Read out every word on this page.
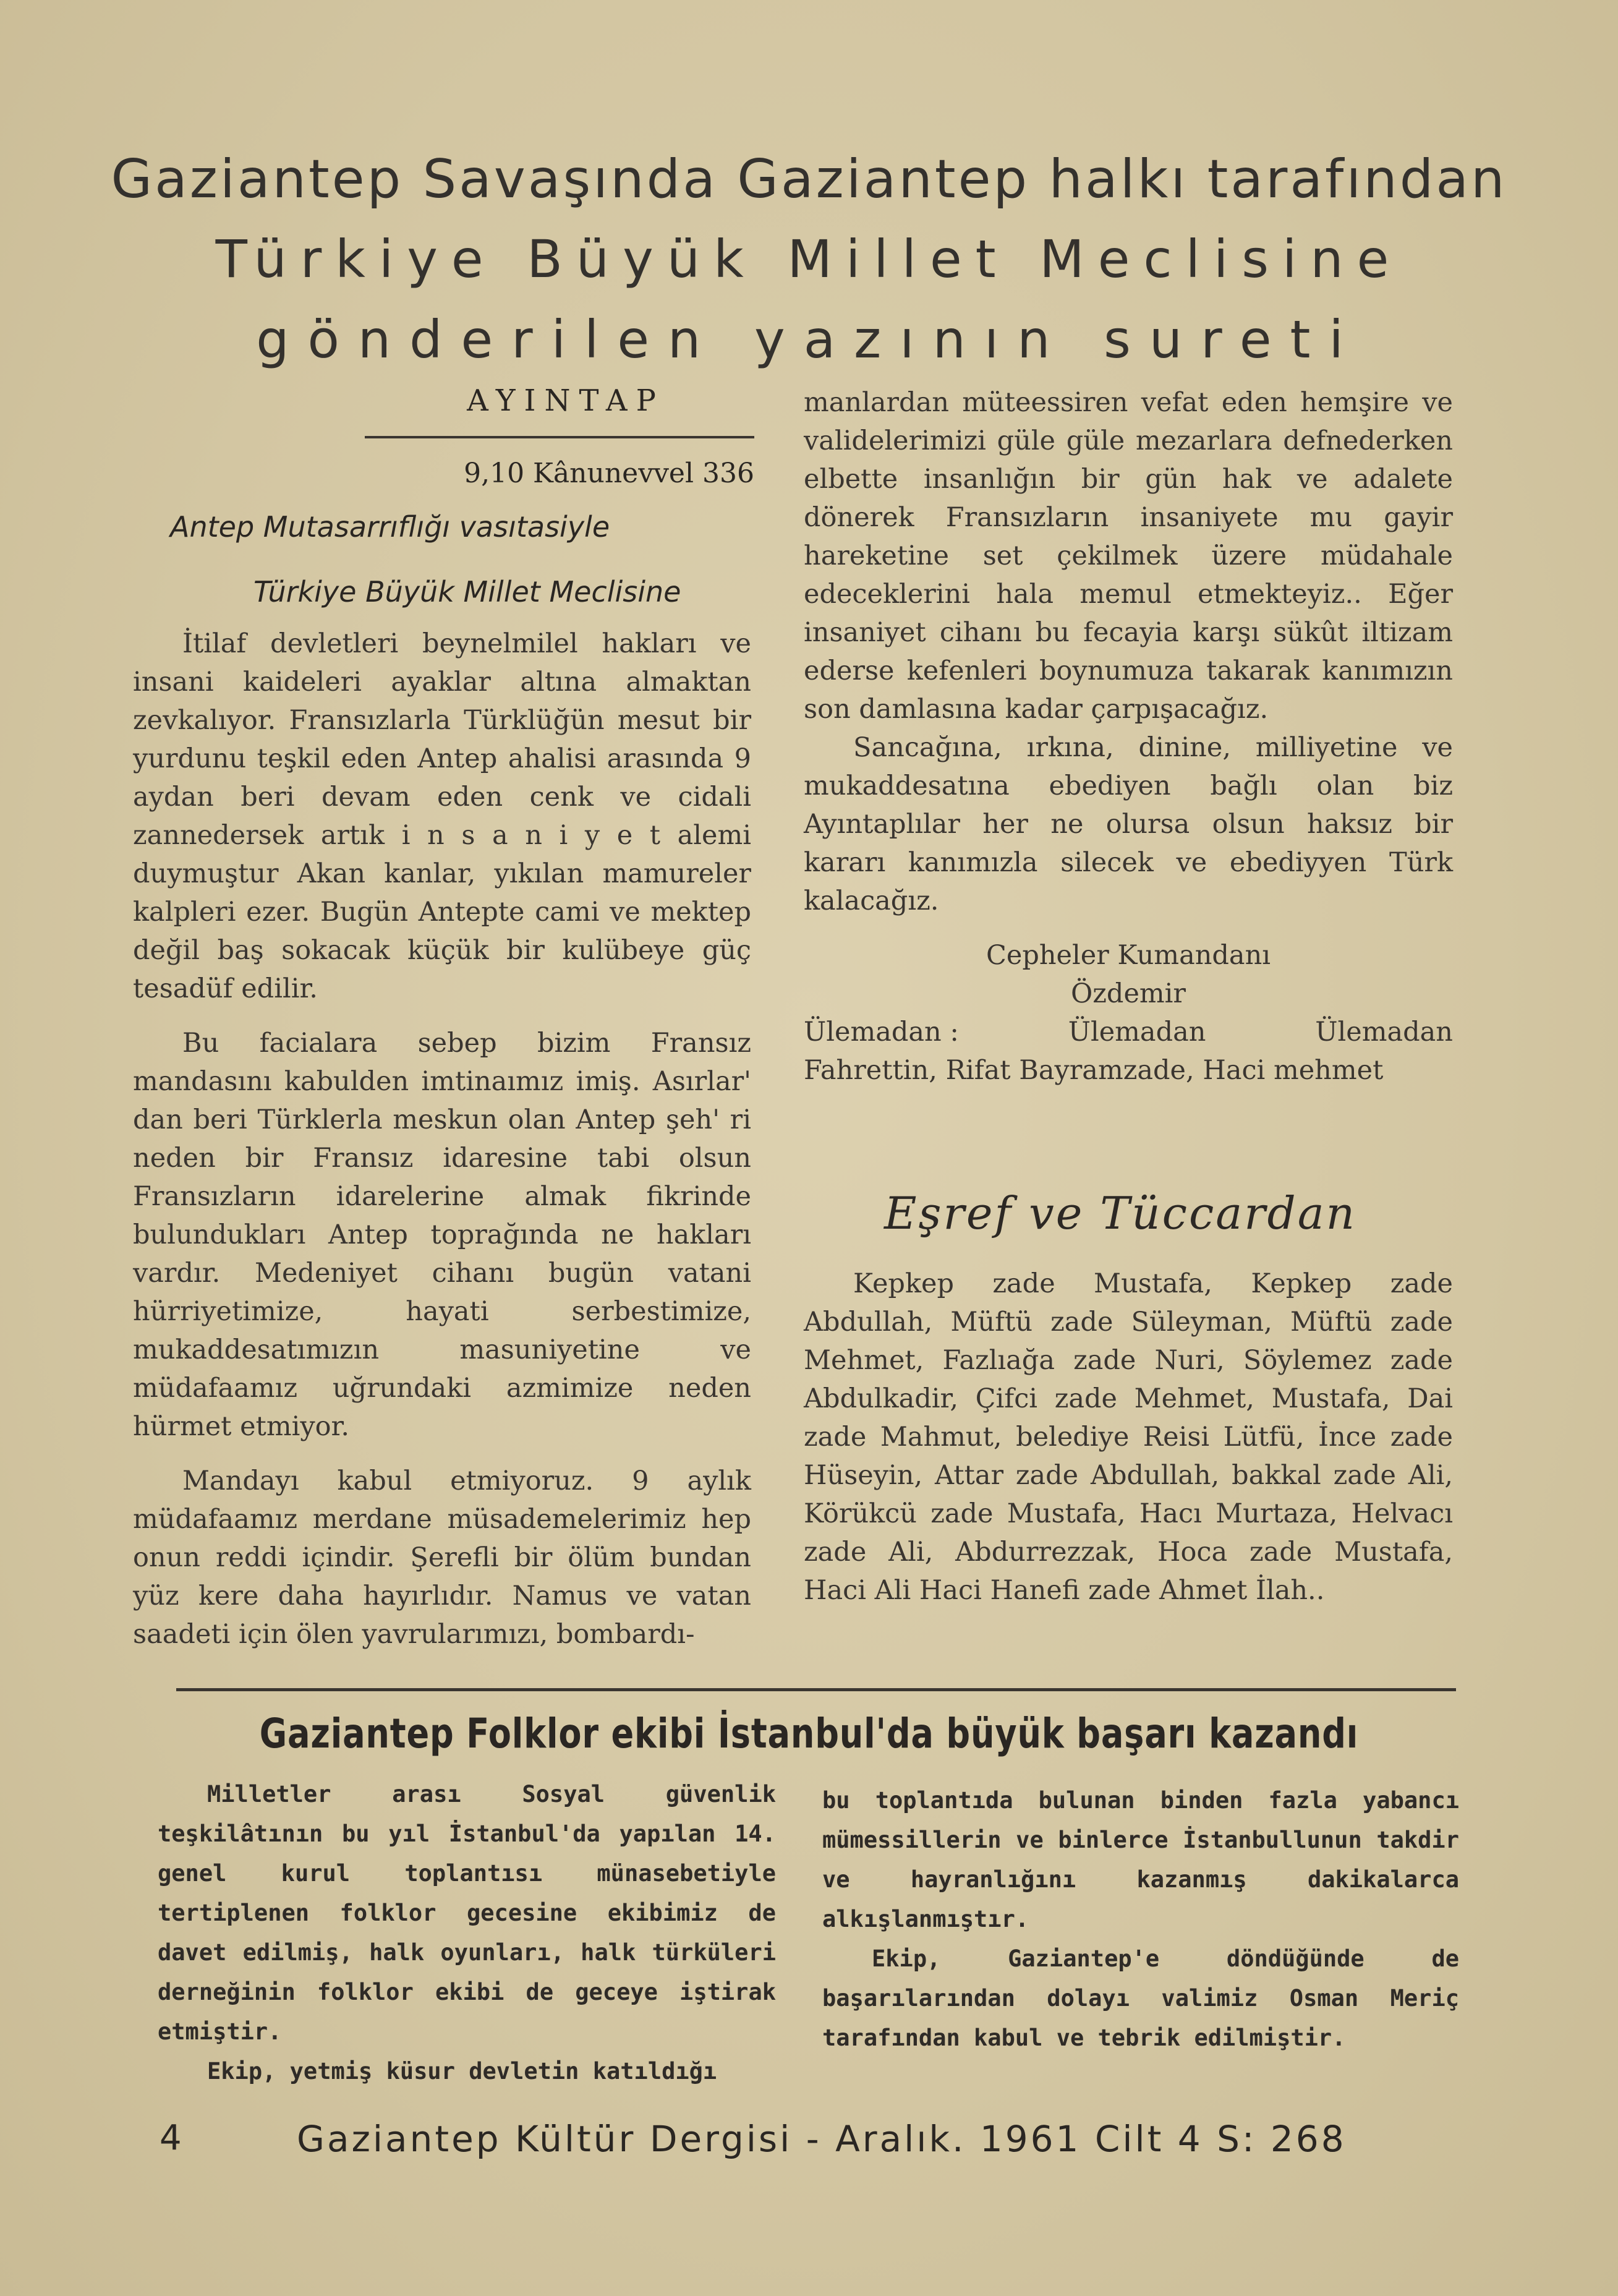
Gaziantep Savaşında Gaziantep halkı tarafından
Türkiye Büyük Millet Meclisine
gönderilen yazının sureti
AYINTAP
9,10 Kânunevvel 336
Antep Mutasarrıflığı vasıtasiyle
Türkiye Büyük Millet Meclisine

İtilaf devletleri beynelmilel hakları ve insani kaideleri ayaklar altına almaktan zevkalıyor. Fransızlarla Türklüğün mesut bir yurdunu teşkil eden Antep ahalisi arasında 9 aydan beri devam eden cenk ve cidali zannedersek artık i n s a n i y e t alemi duymuştur Akan kanlar, yıkılan mamureler kalpleri ezer. Bugün Antepte cami ve mektep değil baş sokacak küçük bir kulübeye güç tesadüf edilir.

Bu facialara sebep bizim Fransız mandasını kabulden imtinaımız imiş. Asırlar' dan beri Türklerla meskun olan Antep şeh' ri neden bir Fransız idaresine tabi olsun Fransızların idarelerine almak fikrinde bulundukları Antep toprağında ne hakları vardır. Medeniyet cihanı bugün vatani hürriyetimize, hayati serbestimize, mukaddesatımızın masuniyetine ve müdafaamız uğrundaki azmimize neden hürmet etmiyor.

Mandayı kabul etmiyoruz. 9 aylık müdafaamız merdane müsademelerimiz hep onun reddi içindir. Şerefli bir ölüm bundan yüz kere daha hayırlıdır. Namus ve vatan saadeti için ölen yavrularımızı, bombardı-

manlardan müteessiren vefat eden hemşire ve validelerimizi güle güle mezarlara defnederken elbette insanlığın bir gün hak ve adalete dönerek Fransızların insaniyete mu gayir hareketine set çekilmek üzere müdahale edeceklerini hala memul etmekteyiz.. Eğer insaniyet cihanı bu fecayia karşı sükût iltizam ederse kefenleri boynumuza takarak kanımızın son damlasına kadar çarpışacağız.

Sancağına, ırkına, dinine, milliyetine ve mukaddesatına ebediyen bağlı olan biz Ayıntaplılar her ne olursa olsun haksız bir kararı kanımızla silecek ve ebediyyen Türk kalacağız.

Cepheler Kumandanı

Özdemir

Ülemadan :	Ülemadan	Ülemadan

Fahrettin, Rifat Bayramzade, Haci mehmet

Eşref ve Tüccardan

Kepkep zade Mustafa, Kepkep zade Abdullah, Müftü zade Süleyman, Müftü zade Mehmet, Fazlıağa zade Nuri, Söylemez zade Abdulkadir, Çifci zade Mehmet, Mustafa, Dai zade Mahmut, belediye Reisi Lütfü, İnce zade Hüseyin, Attar zade Abdullah, bakkal zade Ali, Körükcü zade Mustafa, Hacı Murtaza, Helvacı zade Ali, Abdurrezzak, Hoca zade Mustafa, Haci Ali Haci Hanefi zade Ahmet İlah..

Gaziantep Folklor ekibi İstanbul'da büyük başarı kazandı

Milletler arası Sosyal güvenlik teşkilâtının bu yıl İstanbul'da yapılan 14. genel kurul toplantısı münasebetiyle tertiplenen folklor gecesine ekibimiz de davet edilmiş, halk oyunları, halk türküleri derneğinin folklor ekibi de geceye iştirak etmiştir.

Ekip, yetmiş küsur devletin katıldığı

bu toplantıda bulunan binden fazla yabancı mümessillerin ve binlerce İstanbullunun takdir ve hayranlığını kazanmış dakikalarca alkışlanmıştır.

Ekip, Gaziantep'e döndüğünde de başarılarından dolayı valimiz Osman Meriç tarafından kabul ve tebrik edilmiştir.

4	Gaziantep Kültür Dergisi - Aralık. 1961 Cilt 4 S: 268
